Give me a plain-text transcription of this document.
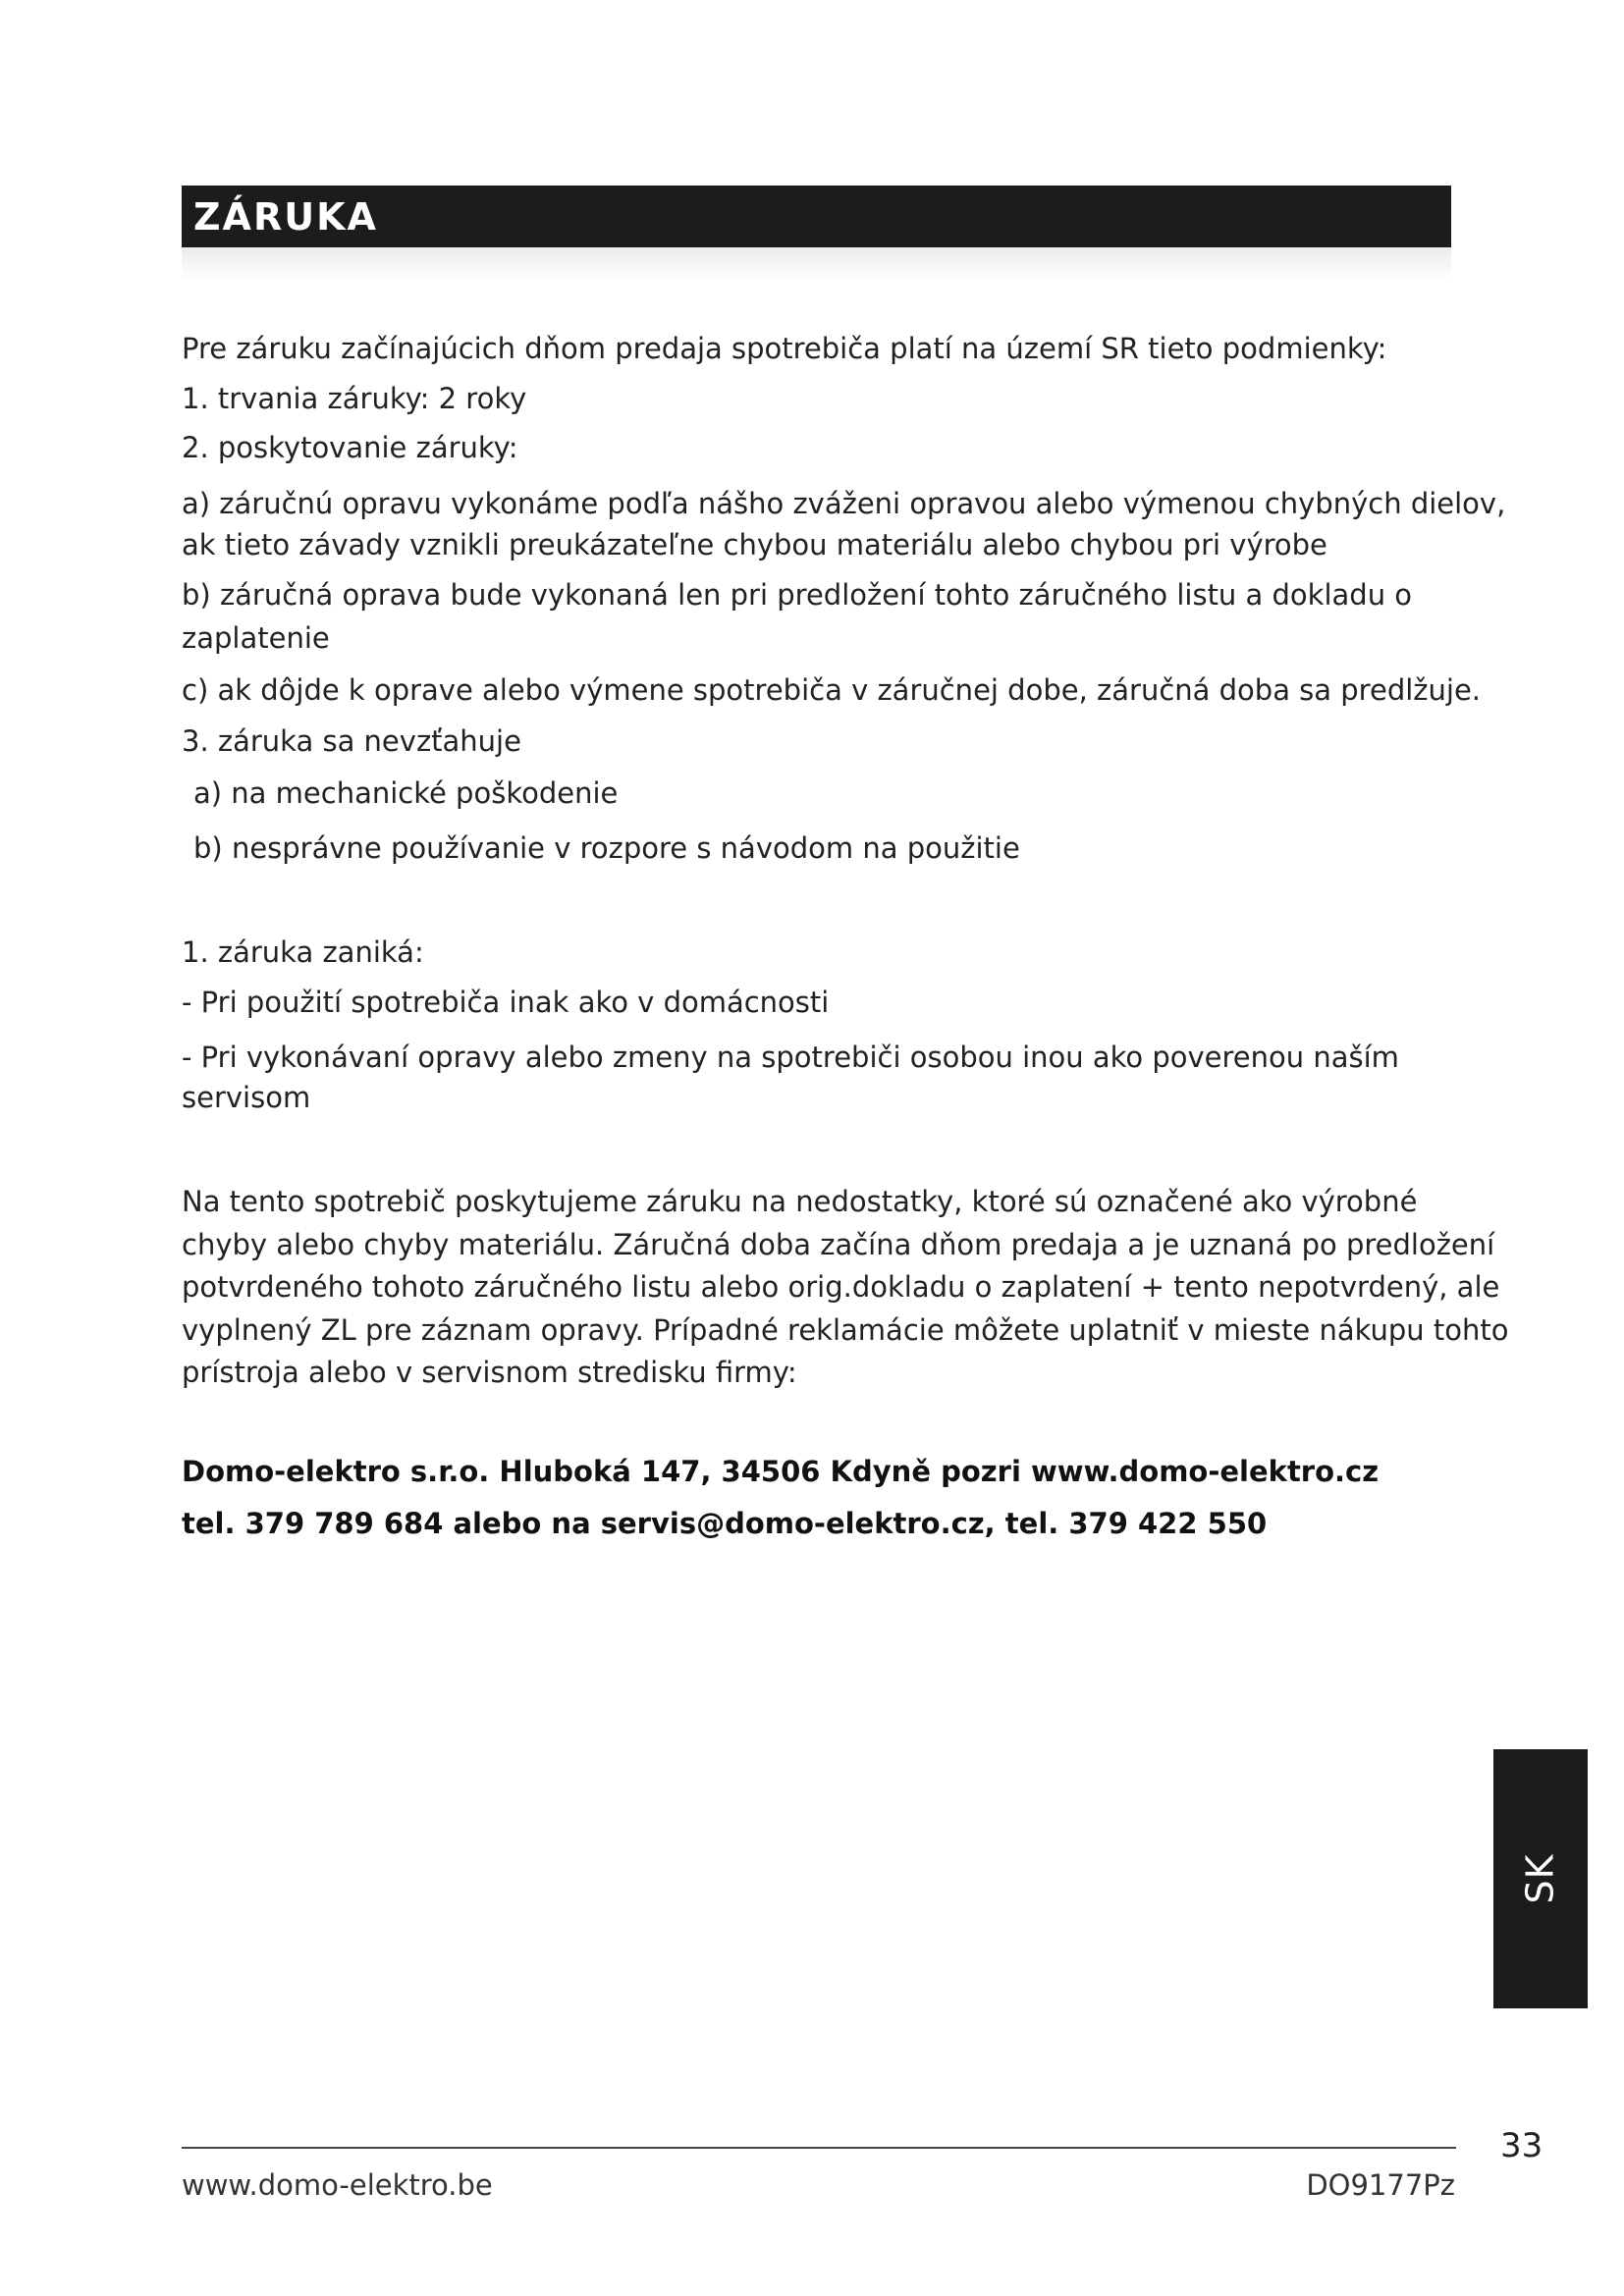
ZÁRUKA
Pre záruku začínajúcich dňom predaja spotrebiča platí na území SR tieto podmienky:
1. trvania záruky: 2 roky
2. poskytovanie záruky:
a) záručnú opravu vykonáme podľa nášho zváženi opravou alebo výmenou chybných dielov,
ak tieto závady vznikli preukázateľne chybou materiálu alebo chybou pri výrobe
b) záručná oprava bude vykonaná len pri predložení tohto záručného listu a dokladu o
zaplatenie
c) ak dôjde k oprave alebo výmene spotrebiča v záručnej dobe, záručná doba sa predlžuje.
3. záruka sa nevzťahuje
a) na mechanické poškodenie
b) nesprávne používanie v rozpore s návodom na použitie
1. záruka zaniká:
- Pri použití spotrebiča inak ako v domácnosti
- Pri vykonávaní opravy alebo zmeny na spotrebiči osobou inou ako poverenou naším
servisom
Na tento spotrebič poskytujeme záruku na nedostatky, ktoré sú označené ako výrobné
chyby alebo chyby materiálu. Záručná doba začína dňom predaja a je uznaná po predložení
potvrdeného tohoto záručného listu alebo orig.dokladu o zaplatení + tento nepotvrdený, ale
vyplnený ZL pre záznam opravy. Prípadné reklamácie môžete uplatniť v mieste nákupu tohto
prístroja alebo v servisnom stredisku firmy:
Domo-elektro s.r.o. Hluboká 147, 34506 Kdyně pozri www.domo-elektro.cz
tel. 379 789 684 alebo na servis@domo-elektro.cz, tel. 379 422 550
SK
33
www.domo-elektro.be	DO9177Pz
